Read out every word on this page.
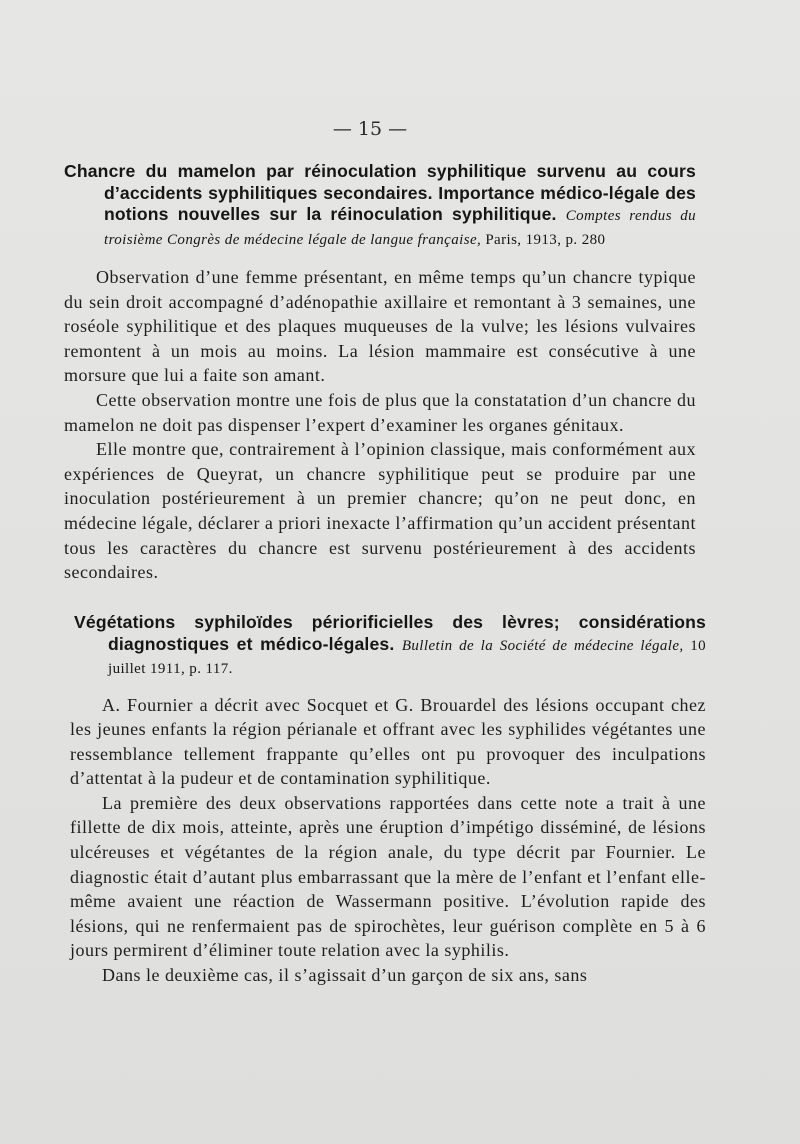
— 15 —
Chancre du mamelon par réinoculation syphilitique survenu au cours d’accidents syphilitiques secondaires. Importance médico-légale des notions nouvelles sur la réinoculation syphilitique. Comptes rendus du troisième Congrès de médecine légale de langue française, Paris, 1913, p. 280

Observation d’une femme présentant, en même temps qu’un chancre typique du sein droit accompagné d’adénopathie axillaire et remontant à 3 semaines, une roséole syphilitique et des plaques muqueuses de la vulve; les lésions vulvaires remontent à un mois au moins. La lésion mammaire est consécutive à une morsure que lui a faite son amant.

Cette observation montre une fois de plus que la constatation d’un chancre du mamelon ne doit pas dispenser l’expert d’examiner les organes génitaux.

Elle montre que, contrairement à l’opinion classique, mais conformément aux expériences de Queyrat, un chancre syphilitique peut se produire par une inoculation postérieurement à un premier chancre; qu’on ne peut donc, en médecine légale, déclarer a priori inexacte l’affirmation qu’un accident présentant tous les caractères du chancre est survenu postérieurement à des accidents secondaires.

Végétations syphiloïdes périorificielles des lèvres; considérations diagnostiques et médico-légales. Bulletin de la Société de médecine légale, 10 juillet 1911, p. 117.

A. Fournier a décrit avec Socquet et G. Brouardel des lésions occupant chez les jeunes enfants la région périanale et offrant avec les syphilides végétantes une ressemblance tellement frappante qu’elles ont pu provoquer des inculpations d’attentat à la pudeur et de contamination syphilitique.

La première des deux observations rapportées dans cette note a trait à une fillette de dix mois, atteinte, après une éruption d’impétigo disséminé, de lésions ulcéreuses et végétantes de la région anale, du type décrit par Fournier. Le diagnostic était d’autant plus embarrassant que la mère de l’enfant et l’enfant elle-même avaient une réaction de Wassermann positive. L’évolution rapide des lésions, qui ne renfermaient pas de spirochètes, leur guérison complète en 5 à 6 jours permirent d’éliminer toute relation avec la syphilis.

Dans le deuxième cas, il s’agissait d’un garçon de six ans, sans
